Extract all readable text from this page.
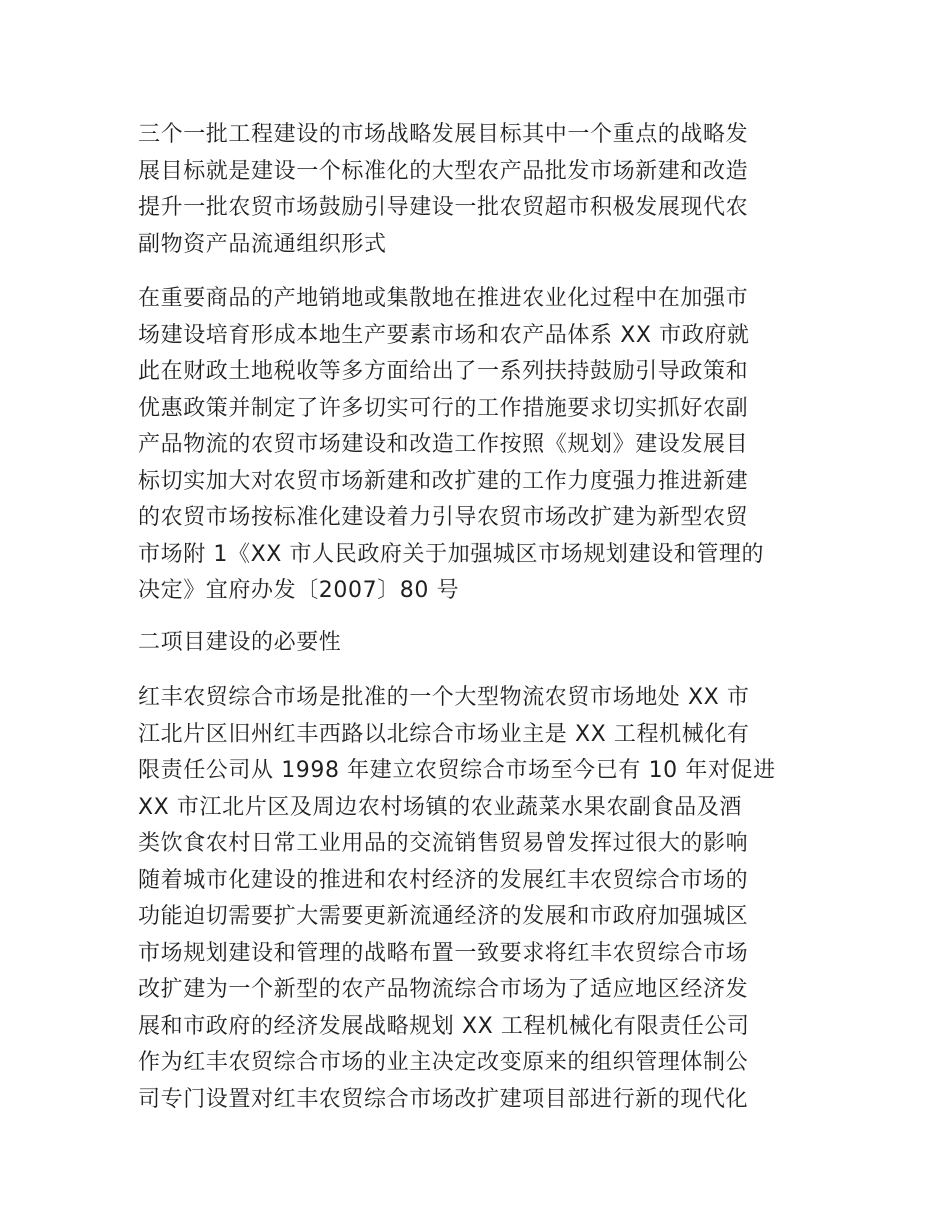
三个一批工程建设的市场战略发展目标其中一个重点的战略发
展目标就是建设一个标准化的大型农产品批发市场新建和改造
提升一批农贸市场鼓励引导建设一批农贸超市积极发展现代农
副物资产品流通组织形式
在重要商品的产地销地或集散地在推进农业化过程中在加强市
场建设培育形成本地生产要素市场和农产品体系 XX 市政府就
此在财政土地税收等多方面给出了一系列扶持鼓励引导政策和
优惠政策并制定了许多切实可行的工作措施要求切实抓好农副
产品物流的农贸市场建设和改造工作按照《规划》建设发展目
标切实加大对农贸市场新建和改扩建的工作力度强力推进新建
的农贸市场按标准化建设着力引导农贸市场改扩建为新型农贸
市场附 1《XX 市人民政府关于加强城区市场规划建设和管理的
决定》宜府办发〔2007〕80 号
二项目建设的必要性
红丰农贸综合市场是批准的一个大型物流农贸市场地处 XX 市
江北片区旧州红丰西路以北综合市场业主是 XX 工程机械化有
限责任公司从 1998 年建立农贸综合市场至今已有 10 年对促进
XX 市江北片区及周边农村场镇的农业蔬菜水果农副食品及酒
类饮食农村日常工业用品的交流销售贸易曾发挥过很大的影响
随着城市化建设的推进和农村经济的发展红丰农贸综合市场的
功能迫切需要扩大需要更新流通经济的发展和市政府加强城区
市场规划建设和管理的战略布置一致要求将红丰农贸综合市场
改扩建为一个新型的农产品物流综合市场为了适应地区经济发
展和市政府的经济发展战略规划 XX 工程机械化有限责任公司
作为红丰农贸综合市场的业主决定改变原来的组织管理体制公
司专门设置对红丰农贸综合市场改扩建项目部进行新的现代化
